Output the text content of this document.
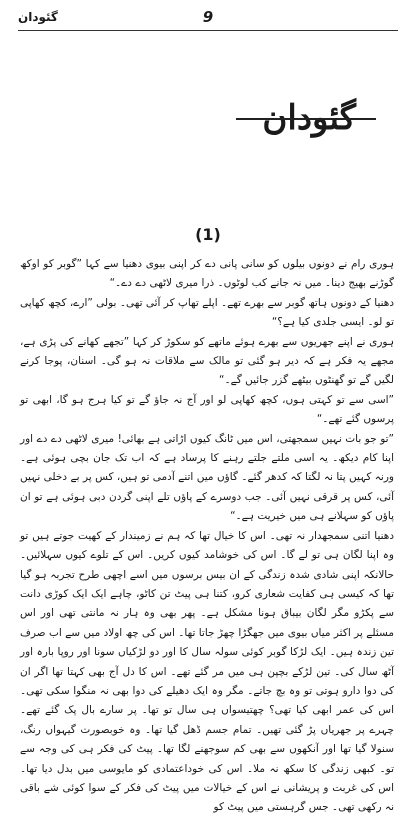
گئودان	9
گئودان
(1)

ہوری رام نے دونوں بیلوں کو سانی پانی دے کر اپنی بیوی دھنیا سے کہا ”گوبر کو اوکھ گوڑنے بھیج دینا۔ میں نہ جانے کب لوٹوں۔ ذرا میری لاٹھی دے دے۔“

دھنیا کے دونوں ہاتھ گوبر سے بھرے تھے۔ اپلے تھاپ کر آئی تھی۔ بولی ”ارے، کچھ کھاپی تو لو۔ ایسی جلدی کیا ہے؟“

ہوری نے اپنے جھریوں سے بھرے ہوئے ماتھے کو سکوڑ کر کہا ”تجھے کھانے کی پڑی ہے، مجھے یہ فکر ہے کہ دیر ہو گئی تو مالک سے ملاقات نہ ہو گی۔ اسنان، پوجا کرنے لگیں گے تو گھنٹوں بیٹھے گزر جائیں گے۔“

”اسی سے تو کہتی ہوں، کچھ کھاپی لو اور آج نہ جاؤ گے تو کیا ہرج ہو گا، ابھی تو پرسوں گئے تھے۔“

”تو جو بات نہیں سمجھتی، اس میں ٹانگ کیوں اڑاتی ہے بھائی! میری لاٹھی دے دے اور اپنا کام دیکھ۔ یہ اسی ملتے جلتے رہنے کا پرساد ہے کہ اب تک جان بچی ہوئی ہے۔ ورنہ کہیں پتا نہ لگتا کہ کدھر گئے۔ گاؤں میں اتنے آدمی تو ہیں، کس پر بے دخلی نہیں آئی، کس پر قرقی نہیں آئی۔ جب دوسرے کے پاؤں تلے اپنی گردن دبی ہوئی ہے تو ان پاؤں کو سہلانے ہی میں خیریت ہے۔“

دھنیا اتنی سمجھدار نہ تھی۔ اس کا خیال تھا کہ ہم نے زمیندار کے کھیت جوتے ہیں تو وہ اپنا لگان ہی تو لے گا۔ اس کی خوشامد کیوں کریں۔ اس کے تلوے کیوں سہلائیں۔ حالانکہ اپنی شادی شدہ زندگی کے ان بیس برسوں میں اسے اچھی طرح تجربہ ہو گیا تھا کہ کیسی ہی کفایت شعاری کرو، کتنا ہی پیٹ تن کاٹو، چاہے ایک ایک کوڑی دانت سے پکڑو مگر لگان بیباق ہونا مشکل ہے۔ پھر بھی وہ ہار نہ مانتی تھی اور اس مسئلے پر اکثر میاں بیوی میں جھگڑا چھڑ جاتا تھا۔ اس کی چھ اولاد میں سے اب صرف تین زندہ ہیں۔ ایک لڑکا گوبر کوئی سولہ سال کا اور دو لڑکیاں سونا اور روپا بارہ اور آٹھ سال کی۔ تین لڑکے بچپن ہی میں مر گئے تھے۔ اس کا دل آج بھی کہتا تھا اگر ان کی دوا دارو ہوتی تو وہ بچ جاتے۔ مگر وہ ایک دھیلے کی دوا بھی نہ منگوا سکی تھی۔ اس کی عمر ابھی کیا تھی؟ چھتیسواں ہی سال تو تھا۔ پر سارے بال پک گئے تھے۔ چہرے پر جھریاں پڑ گئی تھیں۔ تمام جسم ڈھل گیا تھا۔ وہ خوبصورت گیہواں رنگ، سنولا گیا تھا اور آنکھوں سے بھی کم سوجھنے لگا تھا۔ پیٹ کی فکر ہی کی وجہ سے تو۔ کبھی زندگی کا سکھ نہ ملا۔ اس کی خوداعتمادی کو مایوسی میں بدل دیا تھا۔ اس کی غربت و پریشانی نے اس کے خیالات میں پیٹ کی فکر کے سوا کوئی شے باقی نہ رکھی تھی۔ جس گرہستی میں پیٹ کو
